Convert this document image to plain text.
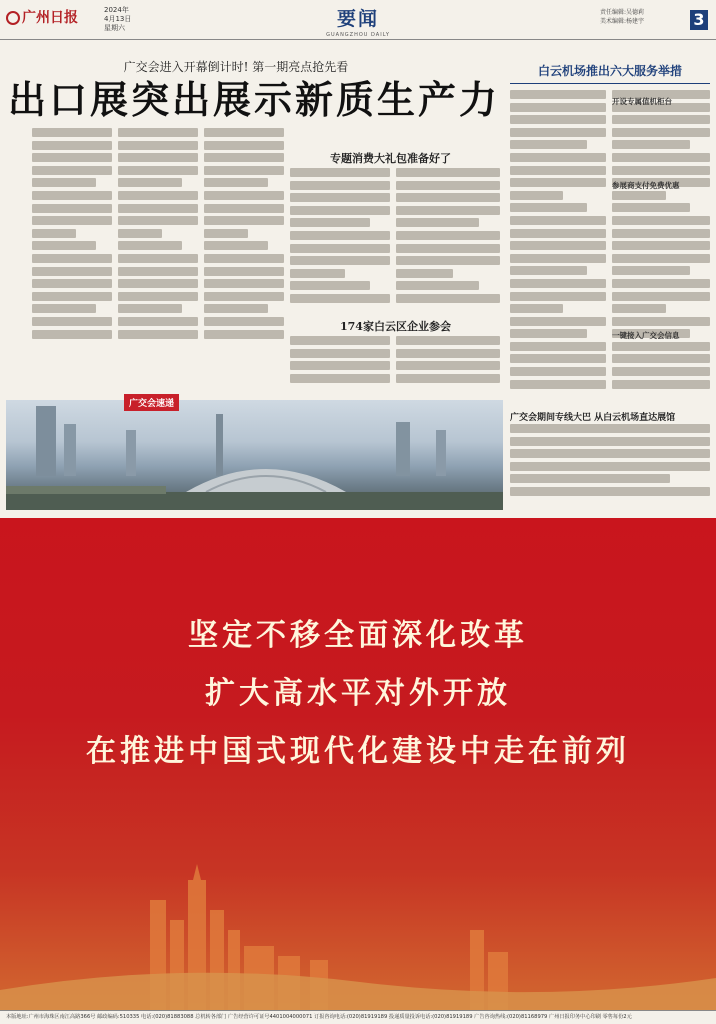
广州日报	2024年
4月13日
星期六	要闻
GUANGZHOU DAILY
责任编辑:吴德莉
美术编辑:杨建宇	3
广交会进入开幕倒计时! 第一期亮点抢先看
出口展突出展示新质生产力
专题消费大礼包准备好了
174家白云区企业参会
广交会速递
白云机场推出六大服务举措
开设专属值机柜台
参展商支付免费优惠
一键接入广交会信息
广交会期间专线大巴 从白云机场直达展馆
坚定不移全面深化改革
扩大高水平对外开放
在推进中国式现代化建设中走在前列
本版地址:广州市海珠区南江高路366号 邮政编码:510335 电话:(020)81883088 总机转各部门 广告经营许可证号4401004000071 订报咨询电话:(020)81919189 投递质量投诉电话:(020)81919189 广告咨询热线:(020)81168979 广州日报印务中心印刷 零售每份2元
